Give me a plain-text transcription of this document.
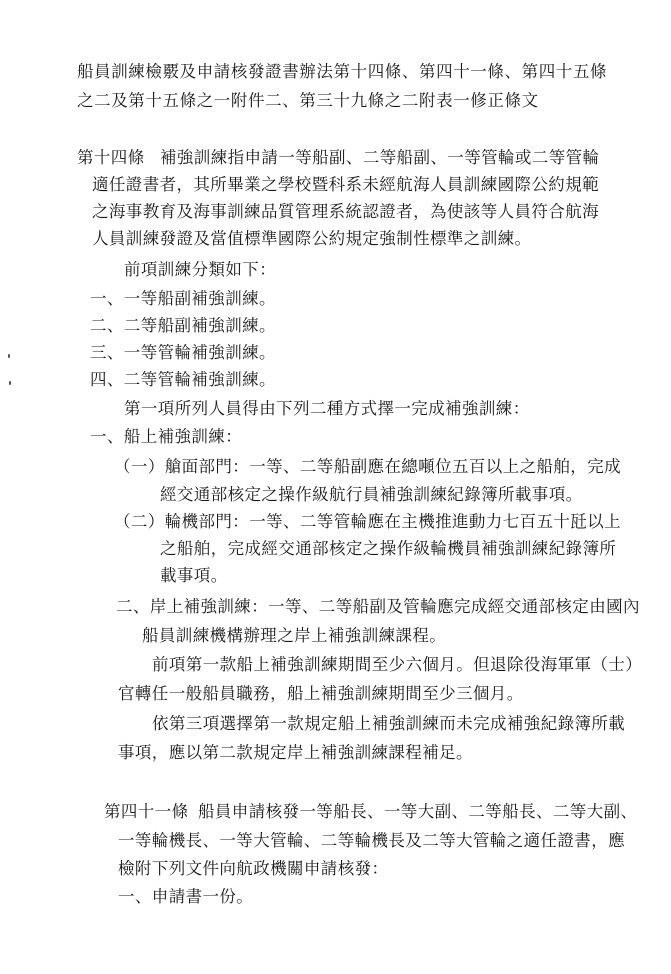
船員訓練檢覈及申請核發證書辦法第十四條、第四十一條、第四十五條
之二及第十五條之一附件二、第三十九條之二附表一修正條文
第十四條 補強訓練指申請一等船副、二等船副、一等管輪或二等管輪
適任證書者，其所畢業之學校暨科系未經航海人員訓練國際公約規範
之海事教育及海事訓練品質管理系統認證者，為使該等人員符合航海
人員訓練發證及當值標準國際公約規定強制性標準之訓練。
前項訓練分類如下：
一、一等船副補強訓練。
二、二等船副補強訓練。
三、一等管輪補強訓練。
四、二等管輪補強訓練。
第一項所列人員得由下列二種方式擇一完成補強訓練：
一、船上補強訓練：
（一）艙面部門：一等、二等船副應在總噸位五百以上之船舶，完成
經交通部核定之操作級航行員補強訓練紀錄簿所載事項。
（二）輪機部門：一等、二等管輪應在主機推進動力七百五十瓩以上
之船舶，完成經交通部核定之操作級輪機員補強訓練紀錄簿所
載事項。
二、岸上補強訓練：一等、二等船副及管輪應完成經交通部核定由國內
船員訓練機構辦理之岸上補強訓練課程。
前項第一款船上補強訓練期間至少六個月。但退除役海軍軍（士）
官轉任一般船員職務，船上補強訓練期間至少三個月。
依第三項選擇第一款規定船上補強訓練而未完成補強紀錄簿所載
事項，應以第二款規定岸上補強訓練課程補足。
第四十一條 船員申請核發一等船長、一等大副、二等船長、二等大副、
一等輪機長、一等大管輪、二等輪機長及二等大管輪之適任證書，應
檢附下列文件向航政機關申請核發：
一、申請書一份。
